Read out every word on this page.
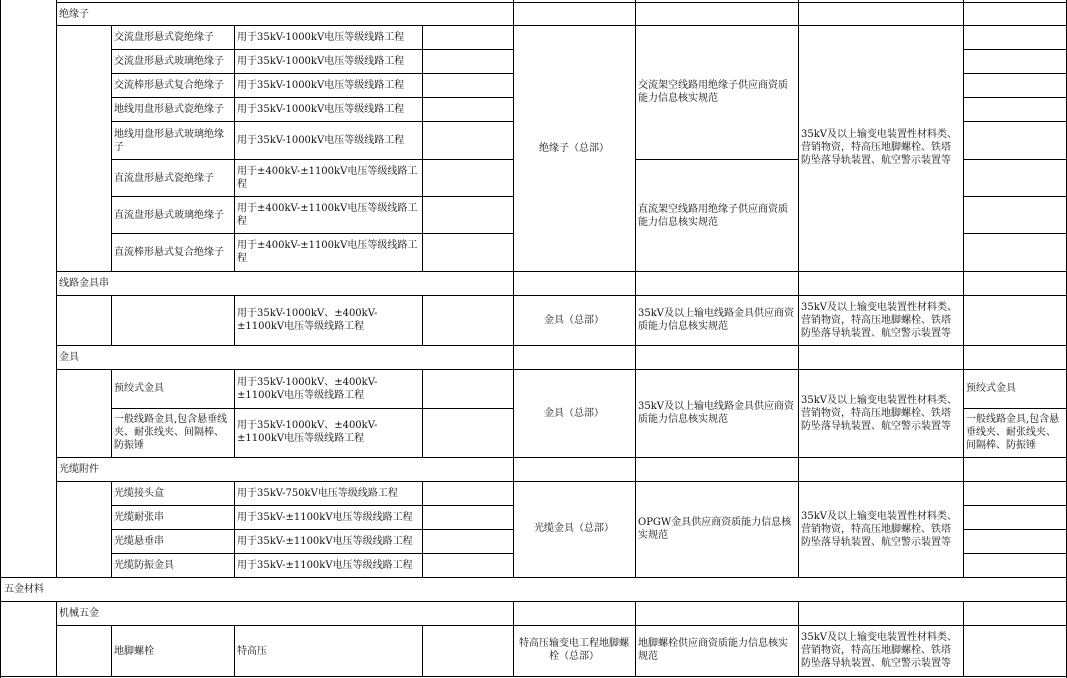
绝缘子
线路金具串
金具
光缆附件
五金材料
机械五金
交流盘形悬式瓷绝缘子
交流盘形悬式玻璃绝缘子
交流棒形悬式复合绝缘子
地线用盘形悬式瓷绝缘子
地线用盘形悬式玻璃绝缘子
直流盘形悬式瓷绝缘子
直流盘形悬式玻璃绝缘子
直流棒形悬式复合绝缘子
预绞式金具
一般线路金具,包含悬垂线夹、耐张线夹、间隔棒、防振锤
光缆接头盒
光缆耐张串
光缆悬垂串
光缆防振金具
地脚螺栓
用于35kV-1000kV电压等级线路工程
用于35kV-1000kV电压等级线路工程
用于35kV-1000kV电压等级线路工程
用于35kV-1000kV电压等级线路工程
用于35kV-1000kV电压等级线路工程
用于±400kV-±1100kV电压等级线路工程
用于±400kV-±1100kV电压等级线路工程
用于±400kV-±1100kV电压等级线路工程
用于35kV-1000kV、±400kV-±1100kV电压等级线路工程
用于35kV-1000kV、±400kV-±1100kV电压等级线路工程
用于35kV-1000kV、±400kV-±1100kV电压等级线路工程
用于35kV-750kV电压等级线路工程
用于35kV-±1100kV电压等级线路工程
用于35kV-±1100kV电压等级线路工程
用于35kV-±1100kV电压等级线路工程
特高压
绝缘子（总部）
金具（总部）
金具（总部）
光缆金具（总部）
特高压输变电工程地脚螺栓（总部）
交流架空线路用绝缘子供应商资质能力信息核实规范
直流架空线路用绝缘子供应商资质能力信息核实规范
35kV及以上输电线路金具供应商资质能力信息核实规范
35kV及以上输电线路金具供应商资质能力信息核实规范
OPGW金具供应商资质能力信息核实规范
地脚螺栓供应商资质能力信息核实规范
35kV及以上输变电装置性材料类、营销物资，特高压地脚螺栓、铁塔防坠落导轨装置、航空警示装置等
35kV及以上输变电装置性材料类、营销物资，特高压地脚螺栓、铁塔防坠落导轨装置、航空警示装置等
35kV及以上输变电装置性材料类、营销物资，特高压地脚螺栓、铁塔防坠落导轨装置、航空警示装置等
35kV及以上输变电装置性材料类、营销物资，特高压地脚螺栓、铁塔防坠落导轨装置、航空警示装置等
35kV及以上输变电装置性材料类、营销物资，特高压地脚螺栓、铁塔防坠落导轨装置、航空警示装置等
预绞式金具
一般线路金具,包含悬垂线夹、耐张线夹、间隔棒、防振锤
